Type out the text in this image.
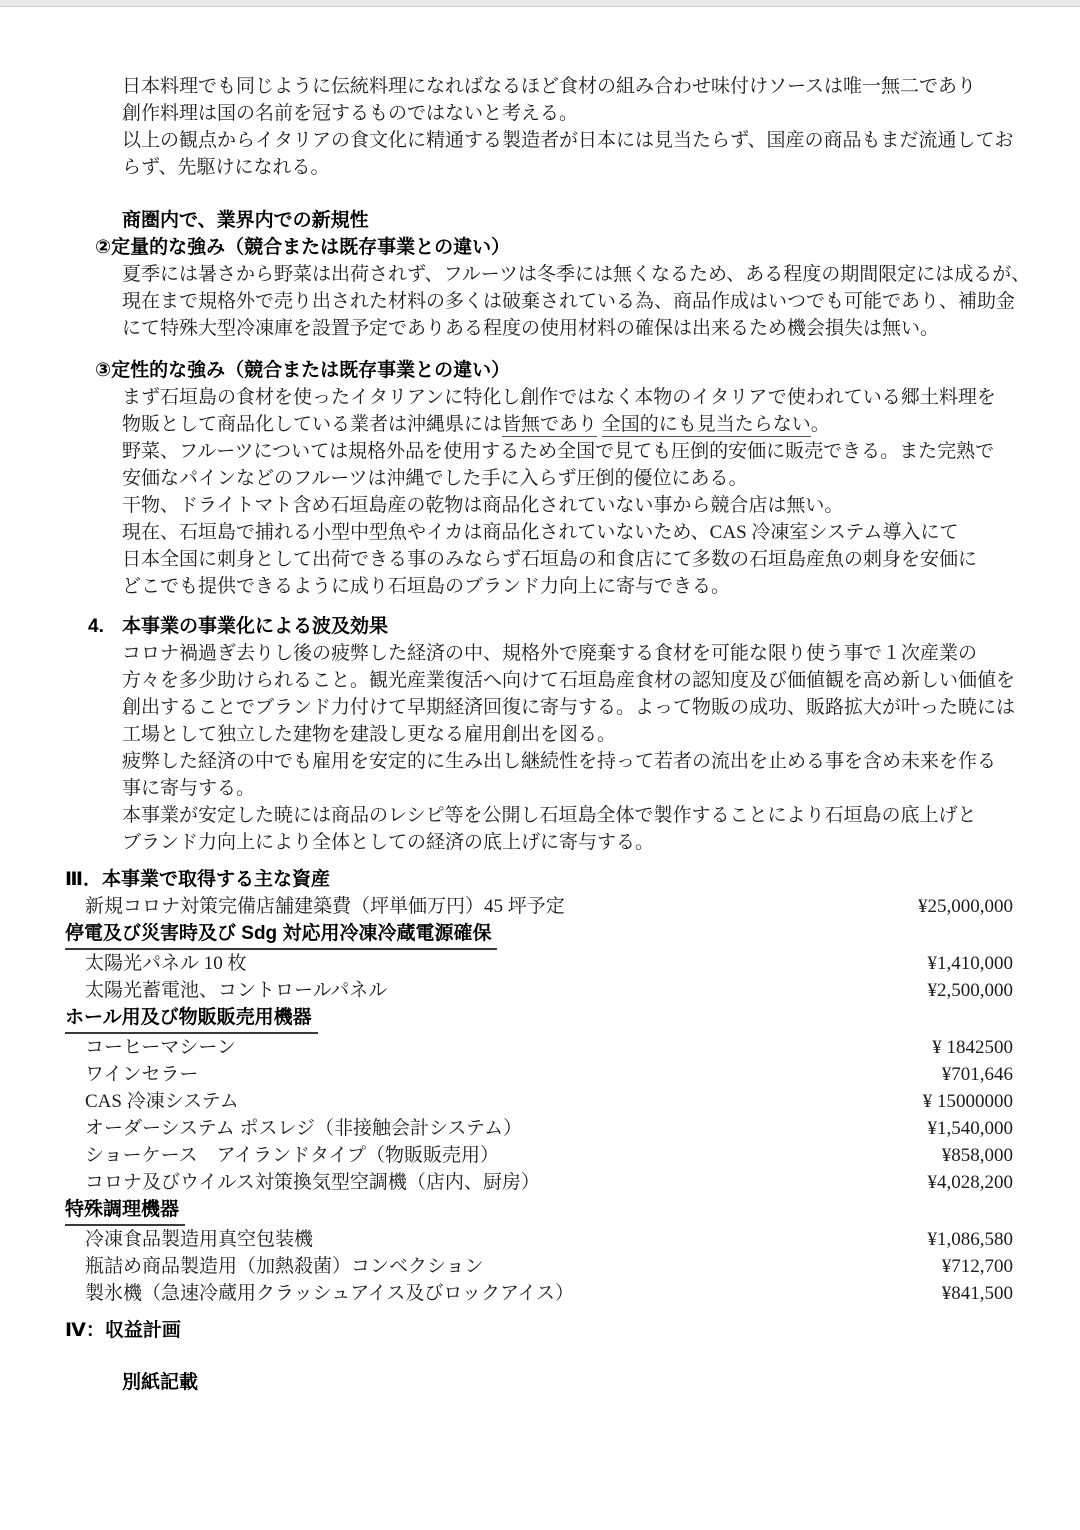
日本料理でも同じように伝統料理になればなるほど食材の組み合わせ味付けソースは唯一無二であり
創作料理は国の名前を冠するものではないと考える。
以上の観点からイタリアの食文化に精通する製造者が日本には見当たらず、国産の商品もまだ流通してお
らず、先駆けになれる。
商圏内で、業界内での新規性
②定量的な強み（競合または既存事業との違い）
夏季には暑さから野菜は出荷されず、フルーツは冬季には無くなるため、ある程度の期間限定には成るが、
現在まで規格外で売り出された材料の多くは破棄されている為、商品作成はいつでも可能であり、補助金
にて特殊大型冷凍庫を設置予定でありある程度の使用材料の確保は出来るため機会損失は無い。
③定性的な強み（競合または既存事業との違い）
まず石垣島の食材を使ったイタリアンに特化し創作ではなく本物のイタリアで使われている郷土料理を
物販として商品化している業者は沖縄県には皆無であり 全国的にも見当たらない。
野菜、フルーツについては規格外品を使用するため全国で見ても圧倒的安価に販売できる。また完熟で
安価なパインなどのフルーツは沖縄でした手に入らず圧倒的優位にある。
干物、ドライトマト含め石垣島産の乾物は商品化されていない事から競合店は無い。
現在、石垣島で捕れる小型中型魚やイカは商品化されていないため、CAS 冷凍室システム導入にて
日本全国に刺身として出荷できる事のみならず石垣島の和食店にて多数の石垣島産魚の刺身を安価に
どこでも提供できるように成り石垣島のブランド力向上に寄与できる。
4. 本事業の事業化による波及効果
コロナ禍過ぎ去りし後の疲弊した経済の中、規格外で廃棄する食材を可能な限り使う事で１次産業の
方々を多少助けられること。観光産業復活へ向けて石垣島産食材の認知度及び価値観を高め新しい価値を
創出することでブランド力付けて早期経済回復に寄与する。よって物販の成功、販路拡大が叶った暁には
工場として独立した建物を建設し更なる雇用創出を図る。
疲弊した経済の中でも雇用を安定的に生み出し継続性を持って若者の流出を止める事を含め未来を作る
事に寄与する。
本事業が安定した暁には商品のレシピ等を公開し石垣島全体で製作することにより石垣島の底上げと
ブランド力向上により全体としての経済の底上げに寄与する。
Ⅲ．本事業で取得する主な資産
新規コロナ対策完備店舗建築費（坪単価万円）45 坪予定	¥25,000,000
停電及び災害時及び Sdg 対応用冷凍冷蔵電源確保
太陽光パネル 10 枚	¥1,410,000
太陽光蓄電池、コントロールパネル	¥2,500,000
ホール用及び物販販売用機器
コーヒーマシーン	¥ 1842500
ワインセラー	¥701,646
CAS 冷凍システム	¥ 15000000
オーダーシステム ポスレジ（非接触会計システム）	¥1,540,000
ショーケース　アイランドタイプ（物販販売用）	¥858,000
コロナ及びウイルス対策換気型空調機（店内、厨房）	¥4,028,200
特殊調理機器
冷凍食品製造用真空包装機	¥1,086,580
瓶詰め商品製造用（加熱殺菌）コンベクション	¥712,700
製氷機（急速冷蔵用クラッシュアイス及びロックアイス）	¥841,500
Ⅳ：収益計画
別紙記載
